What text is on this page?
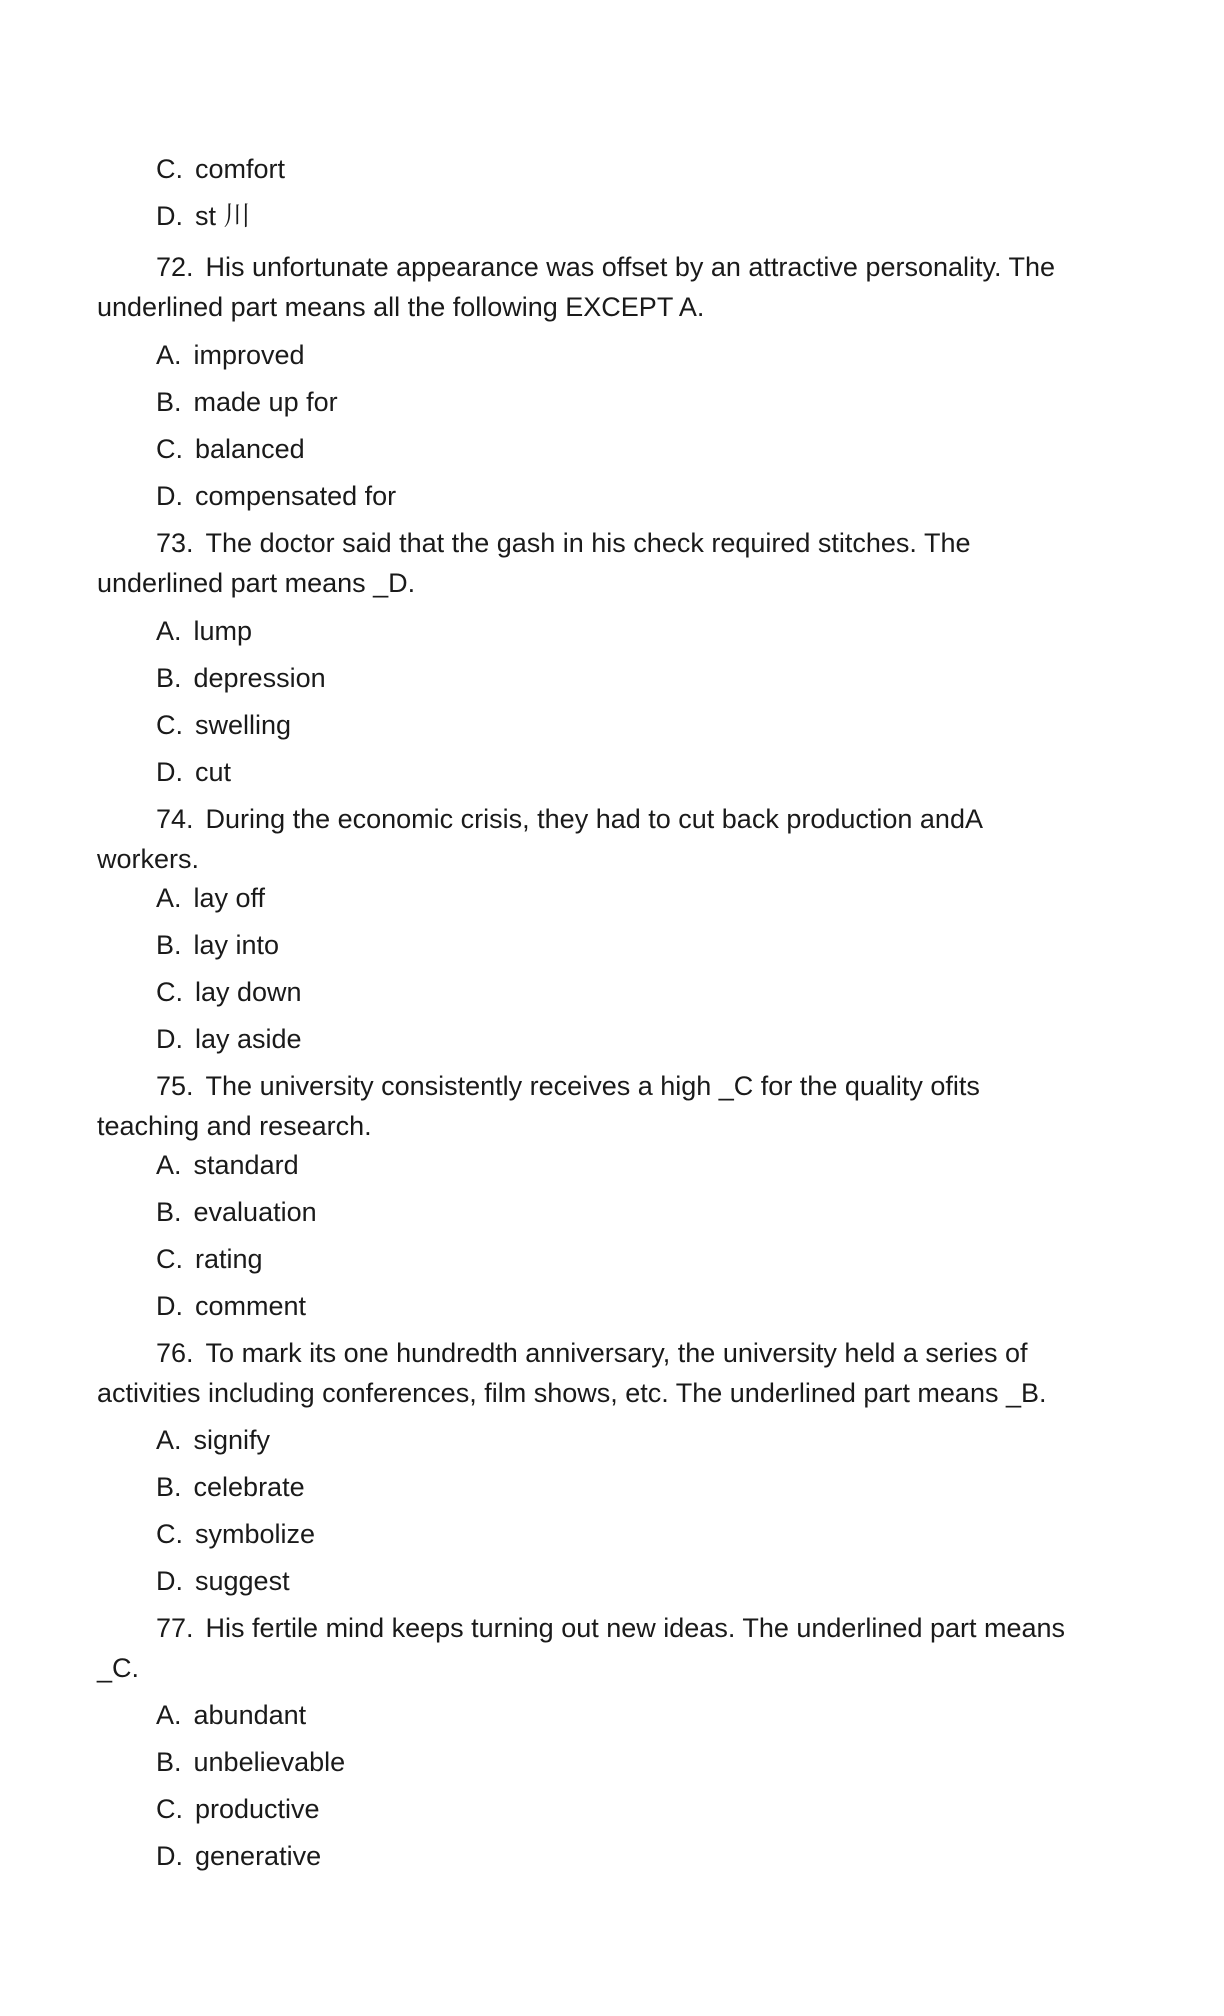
C. comfort
D. st 川
72. His unfortunate appearance was offset by an attractive personality. The
underlined part means all the following EXCEPT A.
A. improved
B. made up for
C. balanced
D. compensated for
73. The doctor said that the gash in his check required stitches. The
underlined part means _D.
A. lump
B. depression
C. swelling
D. cut
74. During the economic crisis, they had to cut back production andA
workers.
A. lay off
B. lay into
C. lay down
D. lay aside
75. The university consistently receives a high _C for the quality ofits
teaching and research.
A. standard
B. evaluation
C. rating
D. comment
76. To mark its one hundredth anniversary, the university held a series of
activities including conferences, film shows, etc. The underlined part means _B.
A. signify
B. celebrate
C. symbolize
D. suggest
77. His fertile mind keeps turning out new ideas. The underlined part means
_C.
A. abundant
B. unbelievable
C. productive
D. generative
